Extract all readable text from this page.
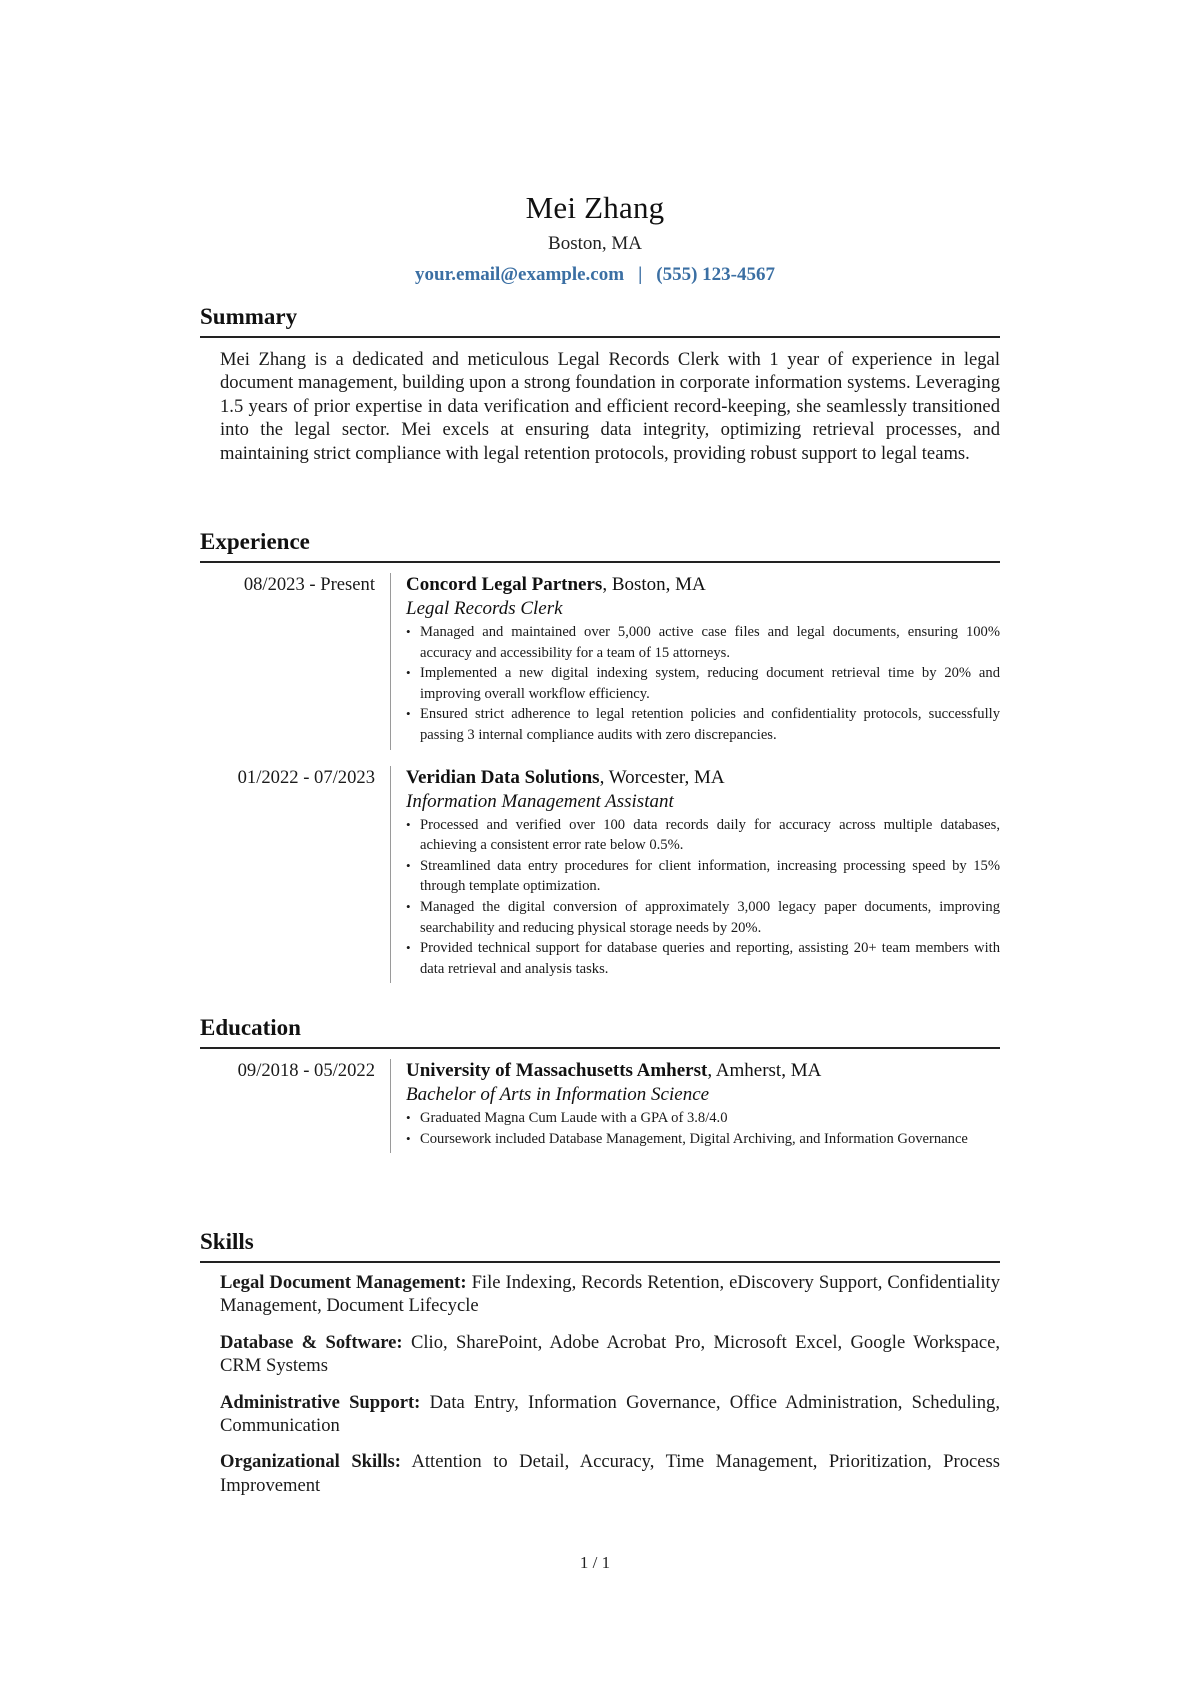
Mei Zhang
Boston, MA
your.email@example.com | (555) 123-4567
Summary

Mei Zhang is a dedicated and meticulous Legal Records Clerk with 1 year of experience in legal document management, building upon a strong foundation in corporate information systems. Leveraging 1.5 years of prior expertise in data verification and efficient record-keeping, she seamlessly transitioned into the legal sector. Mei excels at ensuring data integrity, optimizing retrieval processes, and maintaining strict compliance with legal retention protocols, providing robust support to legal teams.

Experience
08/2023 - Present	Concord Legal Partners, Boston, MA
Legal Records Clerk
• Managed and maintained over 5,000 active case files and legal documents, ensuring 100% accuracy and accessibility for a team of 15 attorneys.
• Implemented a new digital indexing system, reducing document retrieval time by 20% and improving overall workflow efficiency.
• Ensured strict adherence to legal retention policies and confidentiality protocols, successfully passing 3 internal compliance audits with zero discrepancies.
01/2022 - 07/2023	Veridian Data Solutions, Worcester, MA
Information Management Assistant
• Processed and verified over 100 data records daily for accuracy across multiple databases, achieving a consistent error rate below 0.5%.
• Streamlined data entry procedures for client information, increasing processing speed by 15% through template optimization.
• Managed the digital conversion of approximately 3,000 legacy paper documents, improving searchability and reducing physical storage needs by 20%.
• Provided technical support for database queries and reporting, assisting 20+ team members with data retrieval and analysis tasks.
Education
09/2018 - 05/2022	University of Massachusetts Amherst, Amherst, MA
Bachelor of Arts in Information Science
• Graduated Magna Cum Laude with a GPA of 3.8/4.0
• Coursework included Database Management, Digital Archiving, and Information Governance
Skills
Legal Document Management: File Indexing, Records Retention, eDiscovery Support, Confidentiality Management, Document Lifecycle
Database & Software: Clio, SharePoint, Adobe Acrobat Pro, Microsoft Excel, Google Workspace, CRM Systems
Administrative Support: Data Entry, Information Governance, Office Administration, Scheduling, Communication
Organizational Skills: Attention to Detail, Accuracy, Time Management, Prioritization, Process Improvement
1 / 1
